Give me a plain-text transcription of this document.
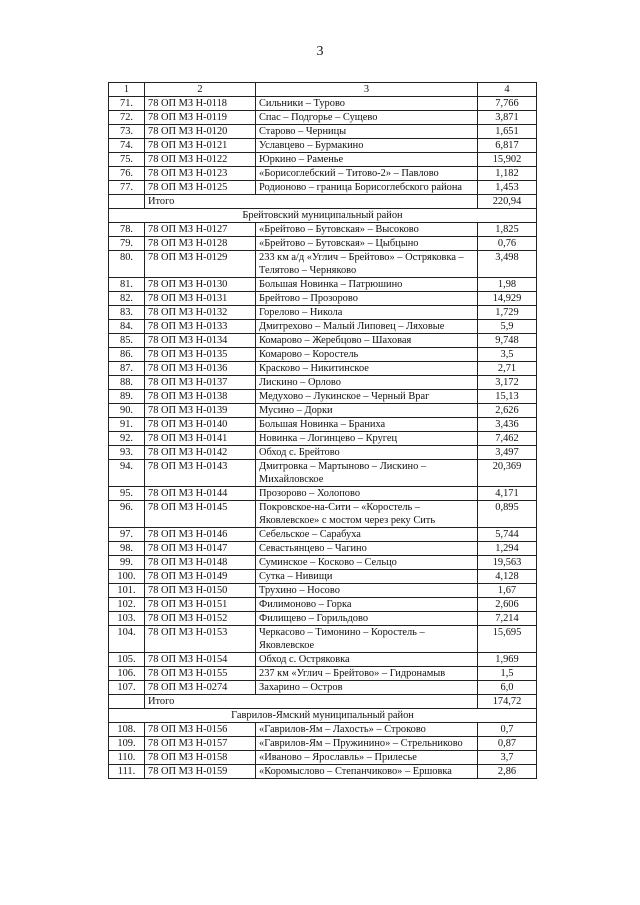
3
1	2	3	4
71.	78 ОП МЗ Н-0118	Сильники – Турово	7,766
72.	78 ОП МЗ Н-0119	Спас – Подгорье – Сущево	3,871
73.	78 ОП МЗ Н-0120	Старово – Черницы	1,651
74.	78 ОП МЗ Н-0121	Уславцево – Бурмакино	6,817
75.	78 ОП МЗ Н-0122	Юркино – Раменье	15,902
76.	78 ОП МЗ Н-0123	«Борисоглебский – Титово-2» – Павлово	1,182
77.	78 ОП МЗ Н-0125	Родионово – граница Борисоглебского района	1,453
	Итого		220,94
Брейтовский муниципальный район			
78.	78 ОП МЗ Н-0127	«Брейтово – Бутовская» – Высоково	1,825
79.	78 ОП МЗ Н-0128	«Брейтово – Бутовская» – Цыбцыно	0,76
80.	78 ОП МЗ Н-0129	233 км а/д «Углич – Брейтово» – Остряковка – Телятово – Черняково	3,498
81.	78 ОП МЗ Н-0130	Большая Новинка – Патрюшино	1,98
82.	78 ОП МЗ Н-0131	Брейтово – Прозорово	14,929
83.	78 ОП МЗ Н-0132	Горелово – Никола	1,729
84.	78 ОП МЗ Н-0133	Дмитрехово – Малый Липовец – Ляховые	5,9
85.	78 ОП МЗ Н-0134	Комарово – Жеребцово – Шаховая	9,748
86.	78 ОП МЗ Н-0135	Комарово – Коростель	3,5
87.	78 ОП МЗ Н-0136	Красково – Никитинское	2,71
88.	78 ОП МЗ Н-0137	Лискино – Орлово	3,172
89.	78 ОП МЗ Н-0138	Медухово – Лукинское – Черный Враг	15,13
90.	78 ОП МЗ Н-0139	Мусино – Дорки	2,626
91.	78 ОП МЗ Н-0140	Большая Новинка – Браниха	3,436
92.	78 ОП МЗ Н-0141	Новинка – Логинцево – Кругец	7,462
93.	78 ОП МЗ Н-0142	Обход с. Брейтово	3,497
94.	78 ОП МЗ Н-0143	Дмитровка – Мартыново – Лискино – Михайловское	20,369
95.	78 ОП МЗ Н-0144	Прозорово – Холопово	4,171
96.	78 ОП МЗ Н-0145	Покровское-на-Сити – «Коростель – Яковлевское» с мостом через реку Сить	0,895
97.	78 ОП МЗ Н-0146	Себельское – Сарабуха	5,744
98.	78 ОП МЗ Н-0147	Севастьянцево – Чагино	1,294
99.	78 ОП МЗ Н-0148	Суминское – Косково – Сельцо	19,563
100.	78 ОП МЗ Н-0149	Сутка – Нивищи	4,128
101.	78 ОП МЗ Н-0150	Трухино – Носово	1,67
102.	78 ОП МЗ Н-0151	Филимоново – Горка	2,606
103.	78 ОП МЗ Н-0152	Филищево – Горильдово	7,214
104.	78 ОП МЗ Н-0153	Черкасово – Тимонино – Коростель – Яковлевское	15,695
105.	78 ОП МЗ Н-0154	Обход с. Остряковка	1,969
106.	78 ОП МЗ Н-0155	237 км «Углич – Брейтово» – Гидронамыв	1,5
107.	78 ОП МЗ Н-0274	Захарино – Остров	6,0
	Итого		174,72
Гаврилов-Ямский муниципальный район			
108.	78 ОП МЗ Н-0156	«Гаврилов-Ям – Лахость» – Строково	0,7
109.	78 ОП МЗ Н-0157	«Гаврилов-Ям – Пружинино» – Стрельниково	0,87
110.	78 ОП МЗ Н-0158	«Иваново – Ярославль» – Прилесье	3,7
111.	78 ОП МЗ Н-0159	«Коромыслово – Степанчиково» – Ершовка	2,86
